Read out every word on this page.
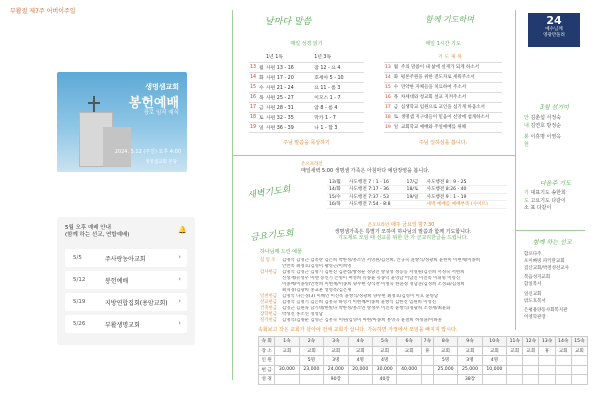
부활절 제7주 어버이주일
24
예수님께
영광만돌려
생명샘교회
봉헌예배
장로 임직 예식
2024. 5.12 (주일) 오후 4:00
생명샘교회 본당
5월 오후 예배 안내
(함께 하는 선교, 연합예배)
🔔
5/5	주사랑농아교회	›
5/12	봉헌예배	›
5/19	지방연합집회(용암교회) ›
5/26	부활생명교회	›
날마다 말씀
매일 성경 읽기
		1년 1독	1년 3독
13	월	사편 13 - 16	잠 12 - 요 4
14	화	사편 17 - 20	호세아 5 - 10
15	수	사편 21 - 24	요 11 - 롬 3
16	목	사편 25 - 27	이모스 1 - 7
17	금	사편 28 - 31	암 8 - 롬 4
18	토	사편 32 - 35	막카 1 - 7
19	일	사편 36 - 39	나 1 - 합 3
주님 말씀을 묵상하기
함께 기도하며
매일 1시간 기도
		기도제목
13	월	주의 말씀이 내 삶에 실재가 되게 하소서
14	화	평론주원을 위한 전도자로 세워주소서
15	수	연약한 자체들을 치료하여 주소서
16	목	차세대와 청교회 설교 지켜주소서
17	금	십생학교 임원으로 교인을 섬기게 하옵소서
18	토	생명샘 지구대들이 믿음이 신앙에 섭게하소서
19	일	교회학교 예배와 주일예배를 위해
주님 일하심을 봅니다.
3월 섬기미
안 김춘섭 서정숙
내 김연호 방정순
봉 이휴명 이영옥
헌
다음주 기도
기 대표기도 송한희
도 고요기도 다같이
소 표 다같이
함께 하는 선교
합포다주
포이빠빙 파키란교회
검산교회/박철성선교사
복음성지교회
함일복서
일신교회
밖도호복서
은평용양동사회복지관
이영학관장
새벽기도회
온오프라인
매일새벽 5:00 생명샘 가족은 아침마다 예담장영을 봅니다.
13/월	사도행전 7 : 1 - 16	17/금	사도행전 8 : 9 - 25
14/화	사도행전 7:17 - 36	18/토	사도행전 8:26 - 40
15/수	사도행전 7:37 - 53	19/일	사도행전 9 : 1 - 19
16/목	사도행전 7:54 - 8:8		새벽 예배를 예배부족 (사이트)
금요기도회
온오프라인 매주 금요일 밤7:30
생명샘가족은 특별기 모하여 하나님의 말씀과 함께 기도합니다.
기도제로 모임 때 선교를 위한 한 가 군교리한글을 드립니다.
하나님께 드린 예물
십 일 조 김명석 김영근 김옥란 김은희 박한정/홍소연 서영원/김선희, 안규숙 윤쌍식/정광희 윤한미 이현께/이종희
안찬옥 최정호/김영미 황영근/이희영
감사헌금 김명석 김영근 김명기 김한진 김춘섭/방정순 정당진 방형성 정동동 서영원/김선희 서정숙 서현희
신성재/유성우 아멘 송연기 손빙이 여성희 유종윤 유종덕 윤영남 이남진 이진옥 이휘명 이영진
이종배/이종영/안찬희 이현께/이종희 양무현 장석찬 이명숙 한윤정 정남준/김정희 조성화/김정희
최혁경/김광희 홍교훈 성영복/김은재
일천헌금 김명석 나은경(3) 이혜인 이진옥 윤쌍식/정광희 양무현 최정호/김영미 이호 윤영남
선교헌금 김명석 김명기 김은희 김흥숙 하영기 이현께/이종희 윤쌍식 김한진 임원희 이영진
건축헌금 김영근 김원독 남기태/한빛다 박한정/홍소연 방정무 이진옥 윤쌍식/정광희 조성재/최윤화
장학헌금 박성진 홍소연 정영남
절기헌금 김명석/김명순 김영근 김흥숙 이원/김영미 아현/아종희 홍영곡 윤철희 허정윤/이하홍
속회보고 작은 교회가 살아야 전체 교회가 삽니다. 가능하면 가정에서 모임을 빠지지 맙시다.
속 회	1속	2속	3속	4속	5속	6속	7속	8속	9속	10속	11속	12속	13속	14속	15속
장 소	교회	교회	교회	교회	교회	교회	휴	교회	교회	교회	교회	교회	휴	교회	교회
인 원		5명	3명	4명	4명			5명	3명	4명					
현 금	30,000	23,000	24,000	20,000	30,000	40,000		25,000	25,000	10,000					
성 경			90장		40장				38장						
